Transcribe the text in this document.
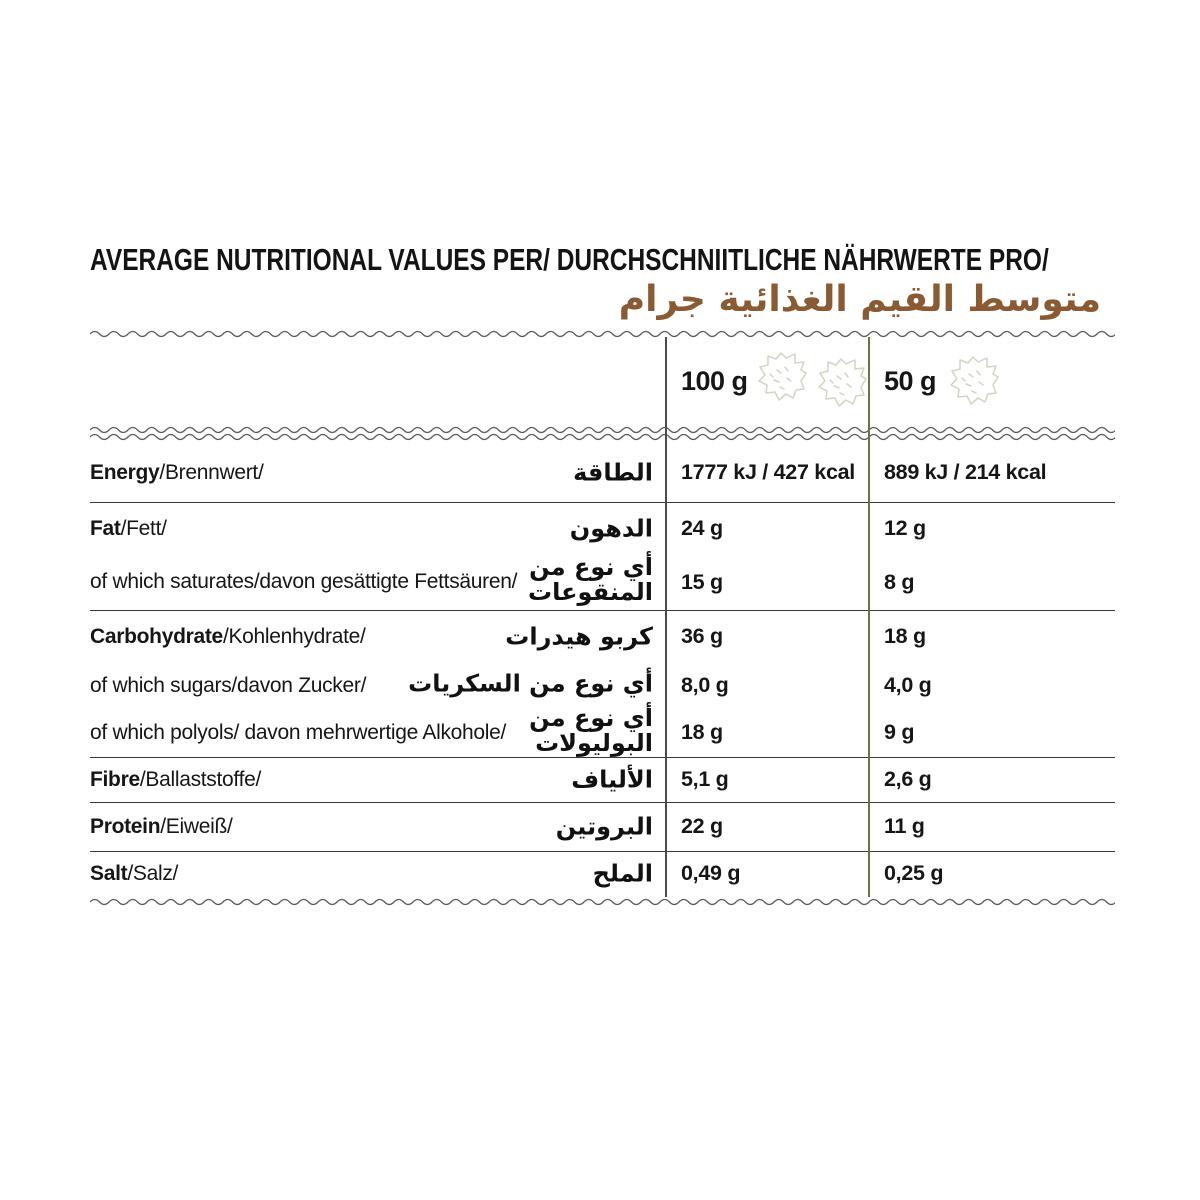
AVERAGE NUTRITIONAL VALUES PER/ DURCHSCHNIITLICHE NÄHRWERTE PRO/
متوسط القيم الغذائية جرام
100 g	50 g
Energy/Brennwert/	الطاقة	1777 kJ / 427 kcal	889 kJ / 214 kcal
Fat/Fett/	الدهون	24 g	12 g
of which saturates/davon gesättigte Fettsäuren/
أي نوع من
المنقوعات	15 g	8 g
Carbohydrate/Kohlenhydrate/	كربو هيدرات	36 g	18 g
of which sugars/davon Zucker/ أي نوع من السكريات	8,0 g	4,0 g
of which polyols/ davon mehrwertige Alkohole/
أي نوع من
البوليولات	18 g	9 g
Fibre/Ballaststoffe/	الألياف	5,1 g	2,6 g
Protein/Eiweiß/	البروتين	22 g	11 g
Salt/Salz/	الملح	0,49 g	0,25 g
